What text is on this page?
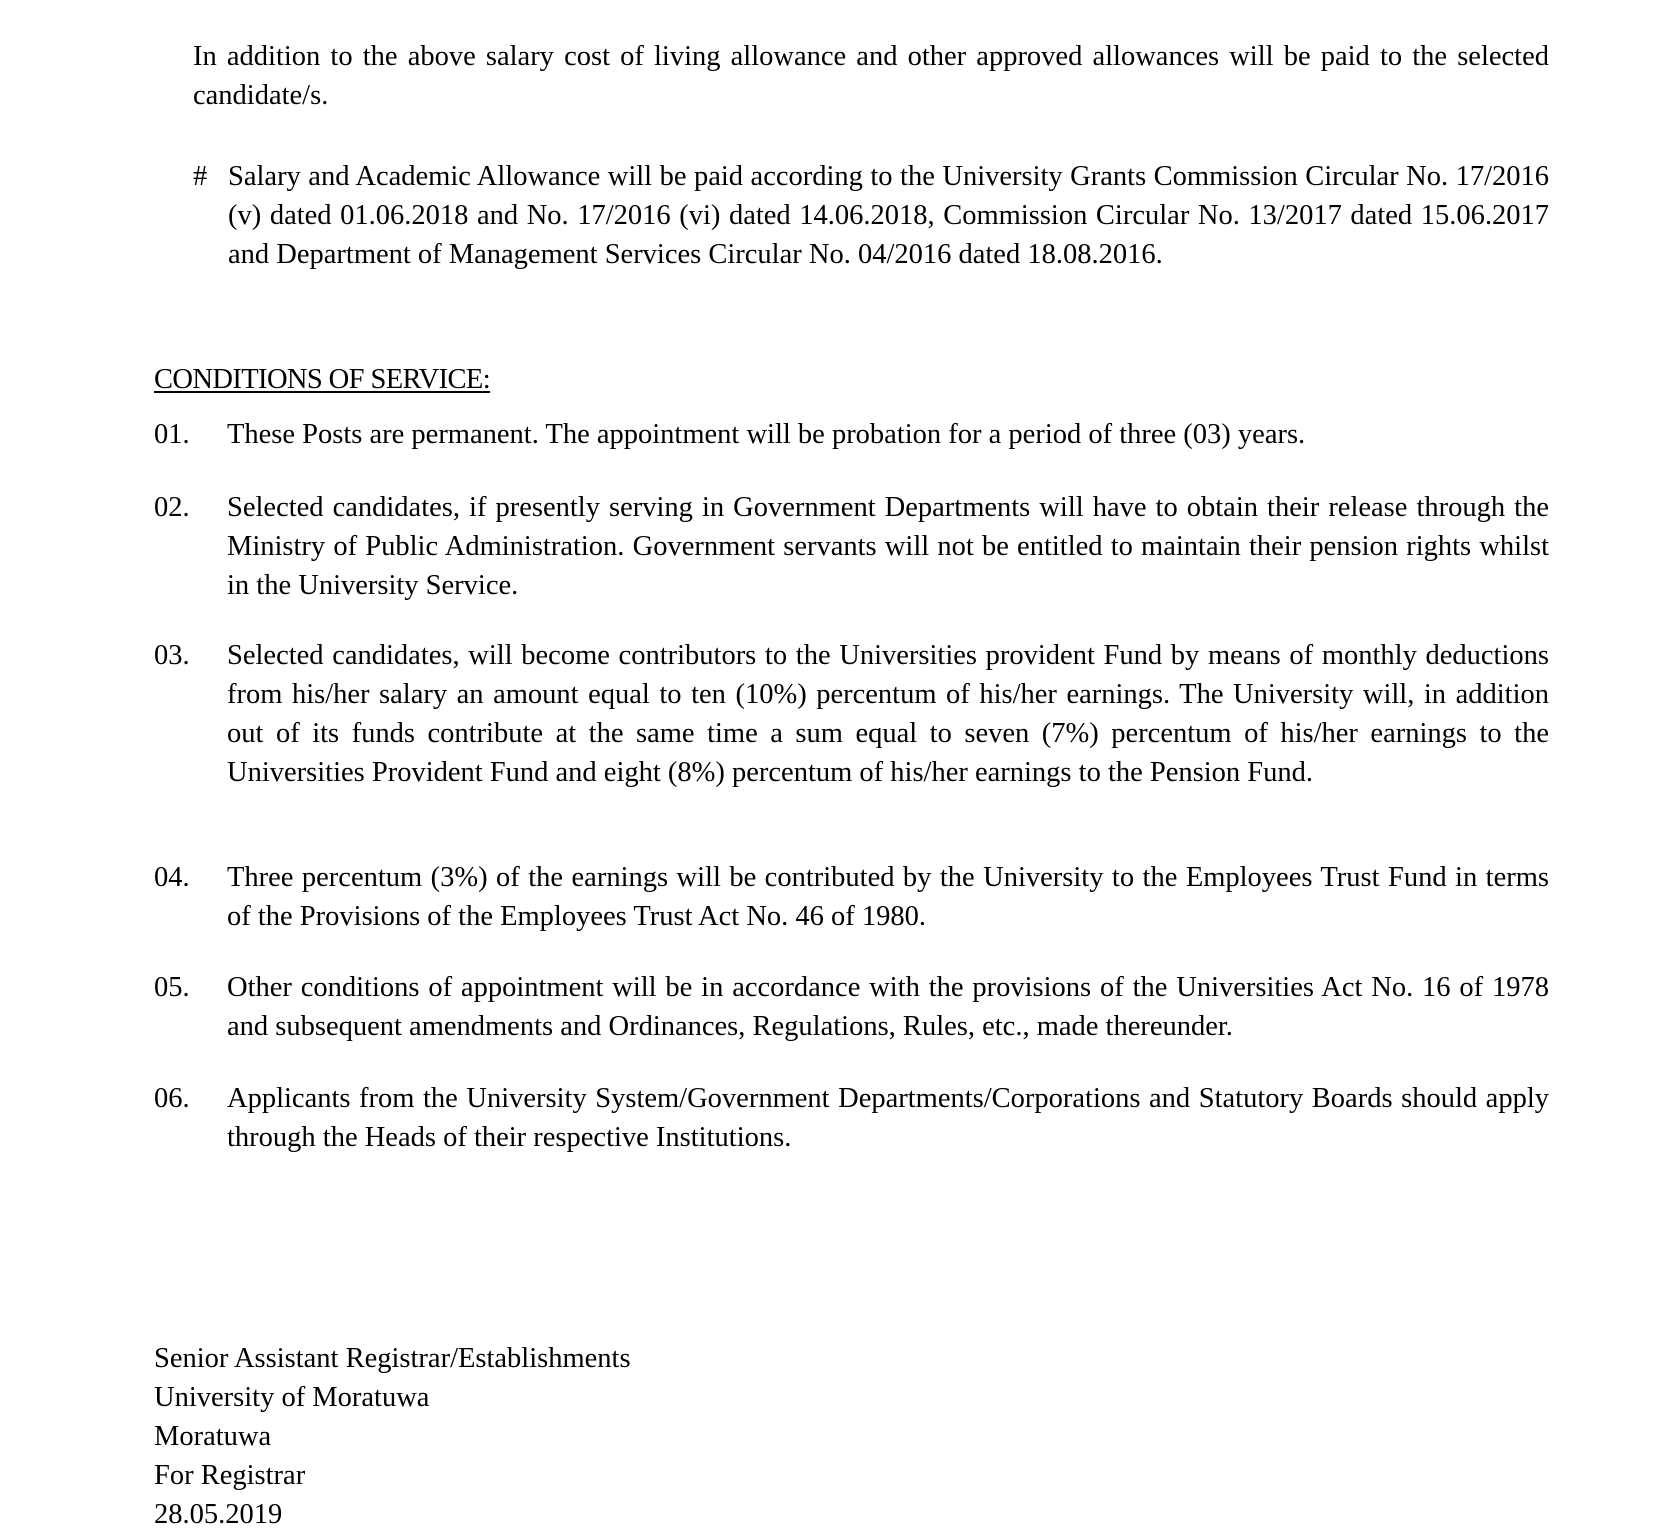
In addition to the above salary cost of living allowance and other approved allowances will be paid to the selected candidate/s.
# Salary and Academic Allowance will be paid according to the University Grants Commission Circular No. 17/2016 (v) dated 01.06.2018 and No. 17/2016 (vi) dated 14.06.2018, Commission Circular No. 13/2017 dated 15.06.2017 and Department of Management Services Circular No. 04/2016 dated 18.08.2016.
CONDITIONS OF SERVICE:
01.	These Posts are permanent. The appointment will be probation for a period of three (03) years.
02.	Selected candidates, if presently serving in Government Departments will have to obtain their release through the Ministry of Public Administration. Government servants will not be entitled to maintain their pension rights whilst in the University Service.
03.	Selected candidates, will become contributors to the Universities provident Fund by means of monthly deductions from his/her salary an amount equal to ten (10%) percentum of his/her earnings. The University will, in addition out of its funds contribute at the same time a sum equal to seven (7%) percentum of his/her earnings to the Universities Provident Fund and eight (8%) percentum of his/her earnings to the Pension Fund.
04.	Three percentum (3%) of the earnings will be contributed by the University to the Employees Trust Fund in terms of the Provisions of the Employees Trust Act No. 46 of 1980.
05.	Other conditions of appointment will be in accordance with the provisions of the Universities Act No. 16 of 1978 and subsequent amendments and Ordinances, Regulations, Rules, etc., made thereunder.
06.	Applicants from the University System/Government Departments/Corporations and Statutory Boards should apply through the Heads of their respective Institutions.
Senior Assistant Registrar/Establishments
University of Moratuwa
Moratuwa
For Registrar
28.05.2019
